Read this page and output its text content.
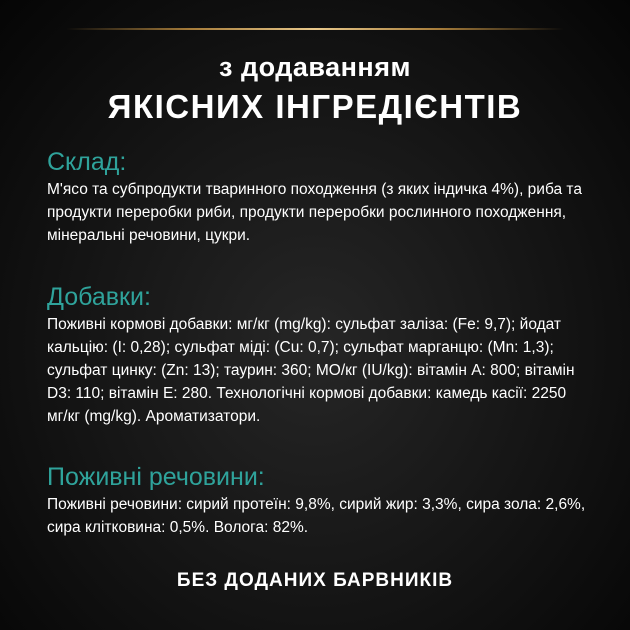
з додаванням
ЯКІСНИХ ІНГРЕДІЄНТІВ
Склад:

М'ясо та субпродукти тваринного походження (з яких індичка 4%), риба та продукти переробки риби, продукти переробки рослинного походження, мінеральні речовини, цукри.

Добавки:

Поживні кормові добавки: мг/кг (mg/kg): сульфат заліза: (Fe: 9,7); йодат кальцію: (I: 0,28); сульфат міді: (Cu: 0,7); сульфат марганцю: (Mn: 1,3); сульфат цинку: (Zn: 13); таурин: 360; МО/кг (IU/kg): вітамін А: 800; вітамін D3: 110; вітамін Е: 280. Технологічні кормові добавки: камедь касії: 2250 мг/кг (mg/kg). Ароматизатори.

Поживні речовини:

Поживні речовини: сирий протеїн: 9,8%, сирий жир: 3,3%, сира зола: 2,6%, сира клітковина: 0,5%. Волога: 82%.

БЕЗ ДОДАНИХ БАРВНИКІВ
